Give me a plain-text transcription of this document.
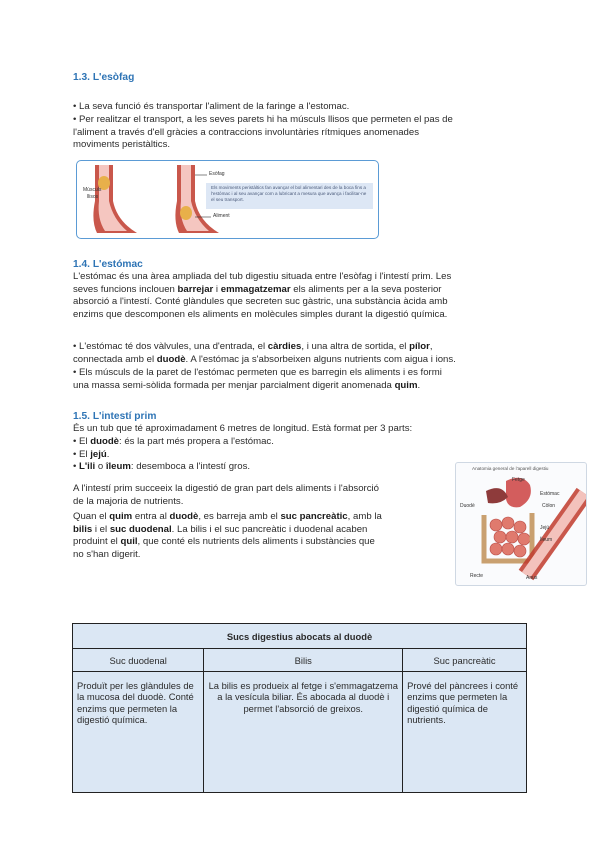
1.3. L'esòfag
• La seva funció és transportar l'aliment de la faringe a l'estomac.
• Per realitzar el transport, a les seves parets hi ha músculs llisos que permeten el pas de
l'aliment a través d'ell gràcies a contraccions involuntàries rítmiques anomenades
moviments peristàltics.
Músculs
llisos
Esòfag
Aliment
Els moviments peristàltics fan avançar el bol alimentari des de la boca fins a l'estómac i al seu avançar com a lubricant a mesura que avança i facilitar-ne el seu transport.
1.4. L'estómac
L'estómac és una àrea ampliada del tub digestiu situada entre l'esòfag i l'intestí prim. Les
seves funcions inclouen barrejar i emmagatzemar els aliments per a la seva posterior
absorció a l'intestí. Conté glàndules que secreten suc gàstric, una substància àcida amb
enzims que descomponen els aliments en molècules simples durant la digestió química.
• L'estómac té dos vàlvules, una d'entrada, el càrdies, i una altra de sortida, el pílor,
connectada amb el duodè. A l'estómac ja s'absorbeixen alguns nutrients com aigua i ions.
• Els músculs de la paret de l'estómac permeten que es barregin els aliments i es formi
una massa semi-sòlida formada per menjar parcialment digerit anomenada quim.
1.5. L'intestí prim
És un tub que té aproximadament 6 metres de longitud. Està format per 3 parts:
• El duodè: és la part més propera a l'estómac.
• El jejú.
• L'ili o îleum: desemboca a l'intestí gros.
A l'intestí prim succeeix la digestió de gran part dels aliments i l'absorció
de la majoria de nutrients.
Quan el quim entra al duodè, es barreja amb el suc pancreàtic, amb la
bilis i el suc duodenal. La bilis i el suc pancreàtic i duodenal acaben
produint el quil, que conté els nutrients dels aliments i substàncies que
no s'han digerit.
Anatomia general de l'aparell digestiu
Estómac
Fetge
Duodè	Còlon
Jejú
Íleum
Recte	Anus
Sucs digestius abocats al duodè
Suc duodenal	Bilis	Suc pancreàtic
Produït per les glàndules de la mucosa del duodè. Conté enzims que permeten la digestió química.	La bilis es produeix al fetge i s'emmagatzema a la vesícula biliar. És abocada al duodè i permet l'absorció de greixos.	Prové del pàncrees i conté enzims que permeten la digestió química de nutrients.
